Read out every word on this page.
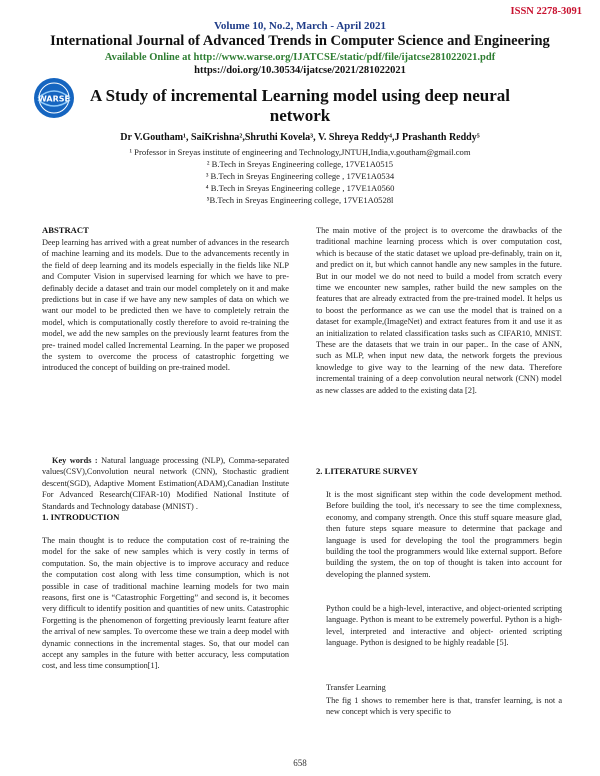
ISSN 2278-3091
Volume 10, No.2, March - April 2021
International Journal of Advanced Trends in Computer Science and Engineering
Available Online at http://www.warse.org/IJATCSE/static/pdf/file/ijatcse281022021.pdf
https://doi.org/10.30534/ijatcse/2021/281022021
WARSE	A Study of incremental Learning model using deep neural network
Dr V.Goutham¹, SaiKrishna²,Shruthi Kovela³, V. Shreya Reddy⁴,J Prashanth Reddy⁵
¹ Professor in Sreyas institute of engineering and Technology,JNTUH,India,v.goutham@gmail.com
² B.Tech in Sreyas Engineering college, 17VE1A0515
³ B.Tech in Sreyas Engineering college , 17VE1A0534
⁴ B.Tech in Sreyas Engineering college , 17VE1A0560
⁵B.Tech in Sreyas Engineering college, 17VE1A0528l
ABSTRACT

Deep learning has arrived with a great number of advances in the research of machine learning and its models. Due to the advancements recently in the field of deep learning and its models especially in the fields like NLP and Computer Vision in supervised learning for which we have to pre-definably decide a dataset and train our model completely on it and make predictions but in case if we have any new samples of data on which we want our model to be predicted then we have to completely retrain the model, which is computationally costly therefore to avoid re-training the model, we add the new samples on the previously learnt features from the pre- trained model called Incremental Learning. In the paper we proposed the system to overcome the process of catastrophic forgetting we introduced the concept of building on pre-trained model.

Key words : Natural language processing (NLP), Comma-separated values(CSV),Convolution neural network (CNN), Stochastic gradient descent(SGD), Adaptive Moment Estimation(ADAM),Canadian Institute For Advanced Research(CIFAR-10) Modified National Institute of Standards and Technology database (MNIST) .

1. INTRODUCTION

The main thought is to reduce the computation cost of re-training the model for the sake of new samples which is very costly in terms of computation. So, the main objective is to improve accuracy and reduce the computation cost along with less time consumption, which is not possible in case of traditional machine learning models for two main reasons, first one is “Catastrophic Forgetting” and second is, it becomes very difficult to identify position and quantities of new units. Catastrophic Forgetting is the phenomenon of forgetting previously learnt feature after the arrival of new samples. To overcome these we train a deep model with dynamic connections in the incremental stages. So, that our model can accept any samples in the future with better accuracy, less computation cost, and less time consumption[1].

The main motive of the project is to overcome the drawbacks of the traditional machine learning process which is over computation cost, which is because of the static dataset we upload pre-definably, train on it, and predict on it, but which cannot handle any new samples in the future. But in our model we do not need to build a model from scratch every time we encounter new samples, rather build the new samples on the features that are already extracted from the pre-trained model. It helps us to boost the performance as we can use the model that is trained on a dataset for example,(ImageNet) and extract features from it and use it as an initialization to related classification tasks such as CIFAR10, MNIST. These are the datasets that we train in our paper.. In the case of ANN, such as MLP, when input new data, the network forgets the previous knowledge to give way to the learning of the new data. Therefore incremental training of a deep convolution neural network (CNN) model as new classes are added to the existing data [2].

2. LITERATURE SURVEY

It is the most significant step within the code development method. Before building the tool, it's necessary to see the time complexness, economy, and company strength. Once this stuff square measure glad, then future steps square measure to determine that package and language is used for developing the tool the programmers begin building the tool the programmers would like external support. Before building the system, the on top of thought is taken into account for developing the planned system.

Python could be a high-level, interactive, and object-oriented scripting language. Python is meant to be extremely powerful. Python is a high-level, interpreted and interactive and object- oriented scripting language. Python is designed to be highly readable [5].

Transfer Learning

The fig 1 shows to remember here is that, transfer learning, is not a new concept which is very specific to

658
